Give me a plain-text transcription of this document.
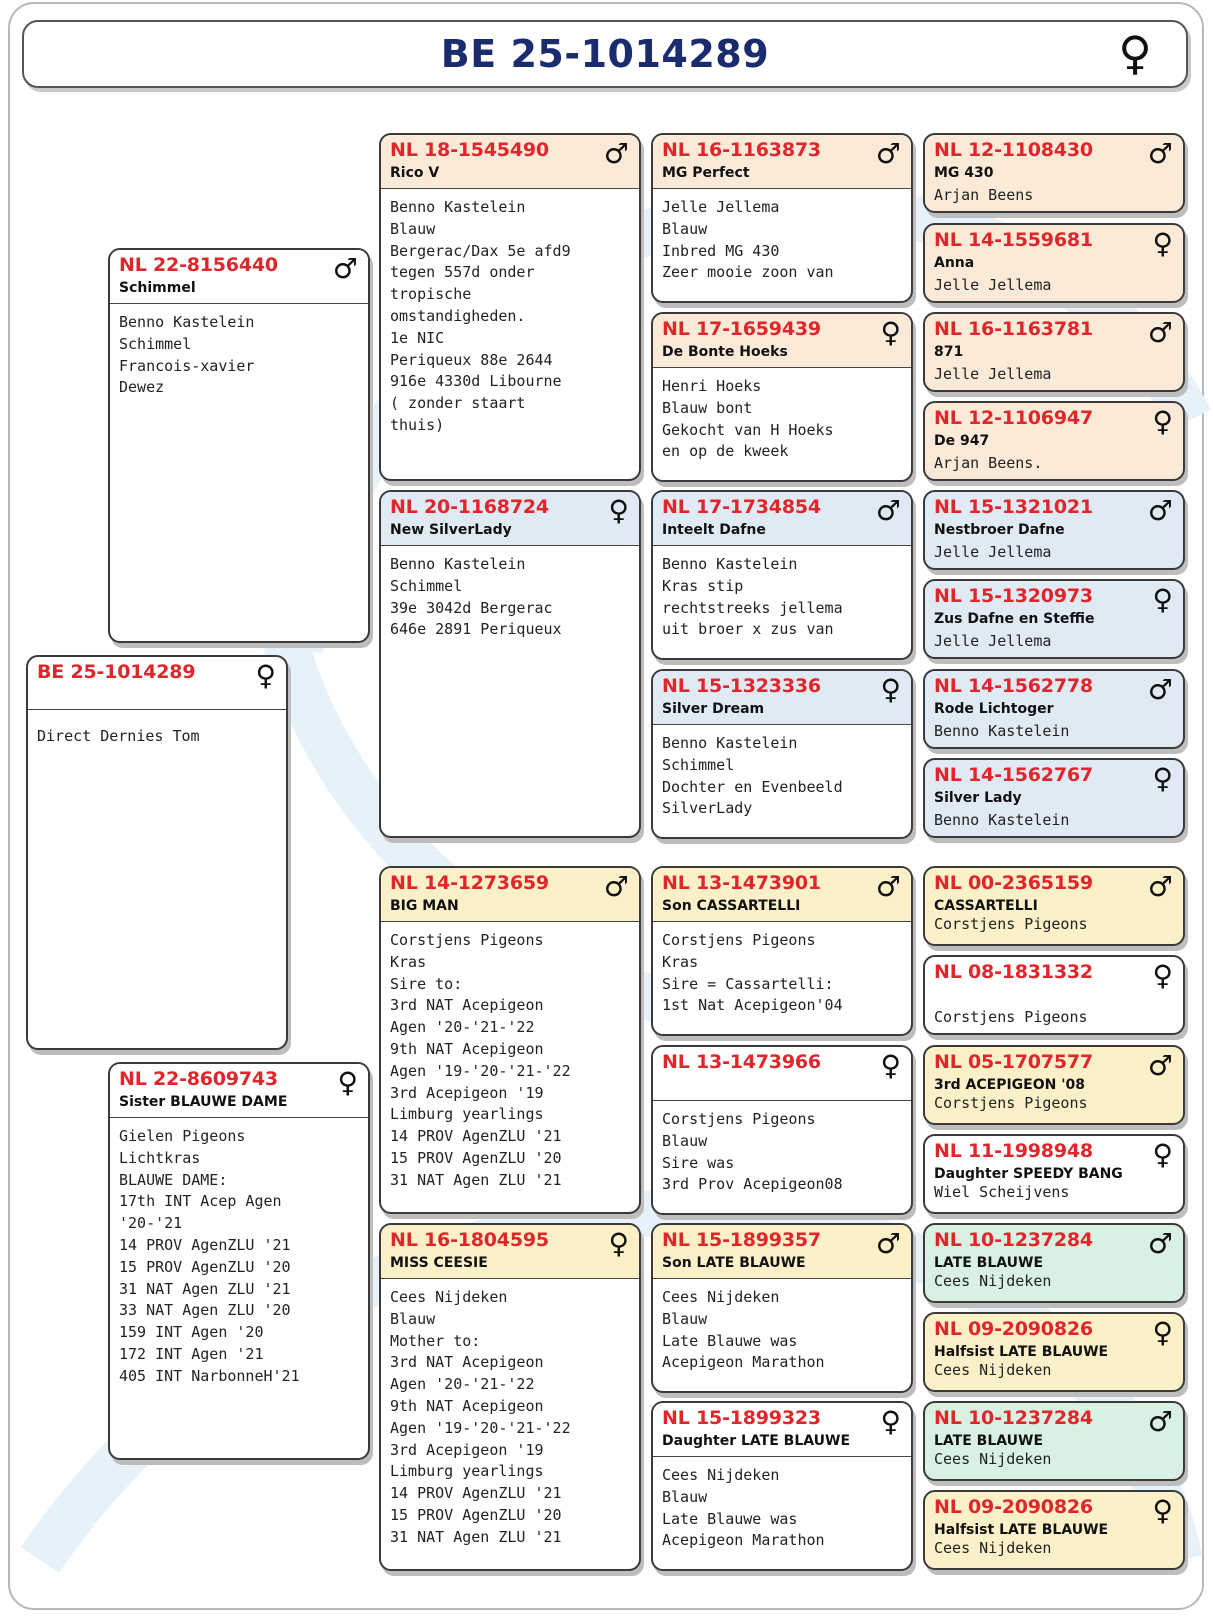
BE 25-1014289	♀
BE 25-1014289 ♀
Direct Dernies Tom
NL 22-8156440
Schimmel
♂
Benno Kastelein
Schimmel
Francois-xavier
Dewez
NL 22-8609743
Sister BLAUWE DAME
♀
Gielen Pigeons
Lichtkras
BLAUWE DAME:
17th INT Acep Agen
'20-'21
14 PROV AgenZLU '21
15 PROV AgenZLU '20
31 NAT Agen ZLU '21
33 NAT Agen ZLU '20
159 INT Agen '20
172 INT Agen '21
405 INT NarbonneH'21
NL 18-1545490
Rico V
♂
Benno Kastelein
Blauw
Bergerac/Dax 5e afd9
tegen 557d onder
tropische
omstandigheden.
1e NIC
Periqueux 88e 2644
916e 4330d Libourne
( zonder staart
thuis)
NL 20-1168724
New SilverLady
♀
Benno Kastelein
Schimmel
39e 3042d Bergerac
646e 2891 Periqueux
NL 14-1273659
BIG MAN
♂
Corstjens Pigeons
Kras
Sire to:
3rd NAT Acepigeon
Agen '20-'21-'22
9th NAT Acepigeon
Agen '19-'20-'21-'22
3rd Acepigeon '19
Limburg yearlings
14 PROV AgenZLU '21
15 PROV AgenZLU '20
31 NAT Agen ZLU '21
NL 16-1804595
MISS CEESIE
♀
Cees Nijdeken
Blauw
Mother to:
3rd NAT Acepigeon
Agen '20-'21-'22
9th NAT Acepigeon
Agen '19-'20-'21-'22
3rd Acepigeon '19
Limburg yearlings
14 PROV AgenZLU '21
15 PROV AgenZLU '20
31 NAT Agen ZLU '21
NL 16-1163873
MG Perfect
♂
Jelle Jellema
Blauw
Inbred MG 430
Zeer mooie zoon van
NL 17-1659439
De Bonte Hoeks
♀
Henri Hoeks
Blauw bont
Gekocht van H Hoeks
en op de kweek
NL 17-1734854
Inteelt Dafne
♂
Benno Kastelein
Kras stip
rechtstreeks jellema
uit broer x zus van
NL 15-1323336
Silver Dream
♀
Benno Kastelein
Schimmel
Dochter en Evenbeeld
SilverLady
NL 13-1473901
Son CASSARTELLI
♂
Corstjens Pigeons
Kras
Sire = Cassartelli:
1st Nat Acepigeon'04
NL 13-1473966 ♀
Corstjens Pigeons
Blauw
Sire was
3rd Prov Acepigeon08
NL 15-1899357
Son LATE BLAUWE
♂
Cees Nijdeken
Blauw
Late Blauwe was
Acepigeon Marathon
NL 15-1899323
Daughter LATE BLAUWE
♀
Cees Nijdeken
Blauw
Late Blauwe was
Acepigeon Marathon
NL 12-1108430
MG 430
Arjan Beens
♂
NL 14-1559681
Anna
Jelle Jellema
♀
NL 16-1163781
871
Jelle Jellema
♂
NL 12-1106947
De 947
Arjan Beens.
♀
NL 15-1321021
Nestbroer Dafne
Jelle Jellema
♂
NL 15-1320973
Zus Dafne en Steffie
Jelle Jellema
♀
NL 14-1562778
Rode Lichtoger
Benno Kastelein
♂
NL 14-1562767
Silver Lady
Benno Kastelein
♀
NL 00-2365159
CASSARTELLI
Corstjens Pigeons
♂
NL 08-1831332
Corstjens Pigeons
♀
NL 05-1707577
3rd ACEPIGEON '08
Corstjens Pigeons
♂
NL 11-1998948
Daughter SPEEDY BANG
Wiel Scheijvens
♀
NL 10-1237284
LATE BLAUWE
Cees Nijdeken
♂
NL 09-2090826
Halfsist LATE BLAUWE
Cees Nijdeken
♀
NL 10-1237284
LATE BLAUWE
Cees Nijdeken
♂
NL 09-2090826
Halfsist LATE BLAUWE
Cees Nijdeken
♀
